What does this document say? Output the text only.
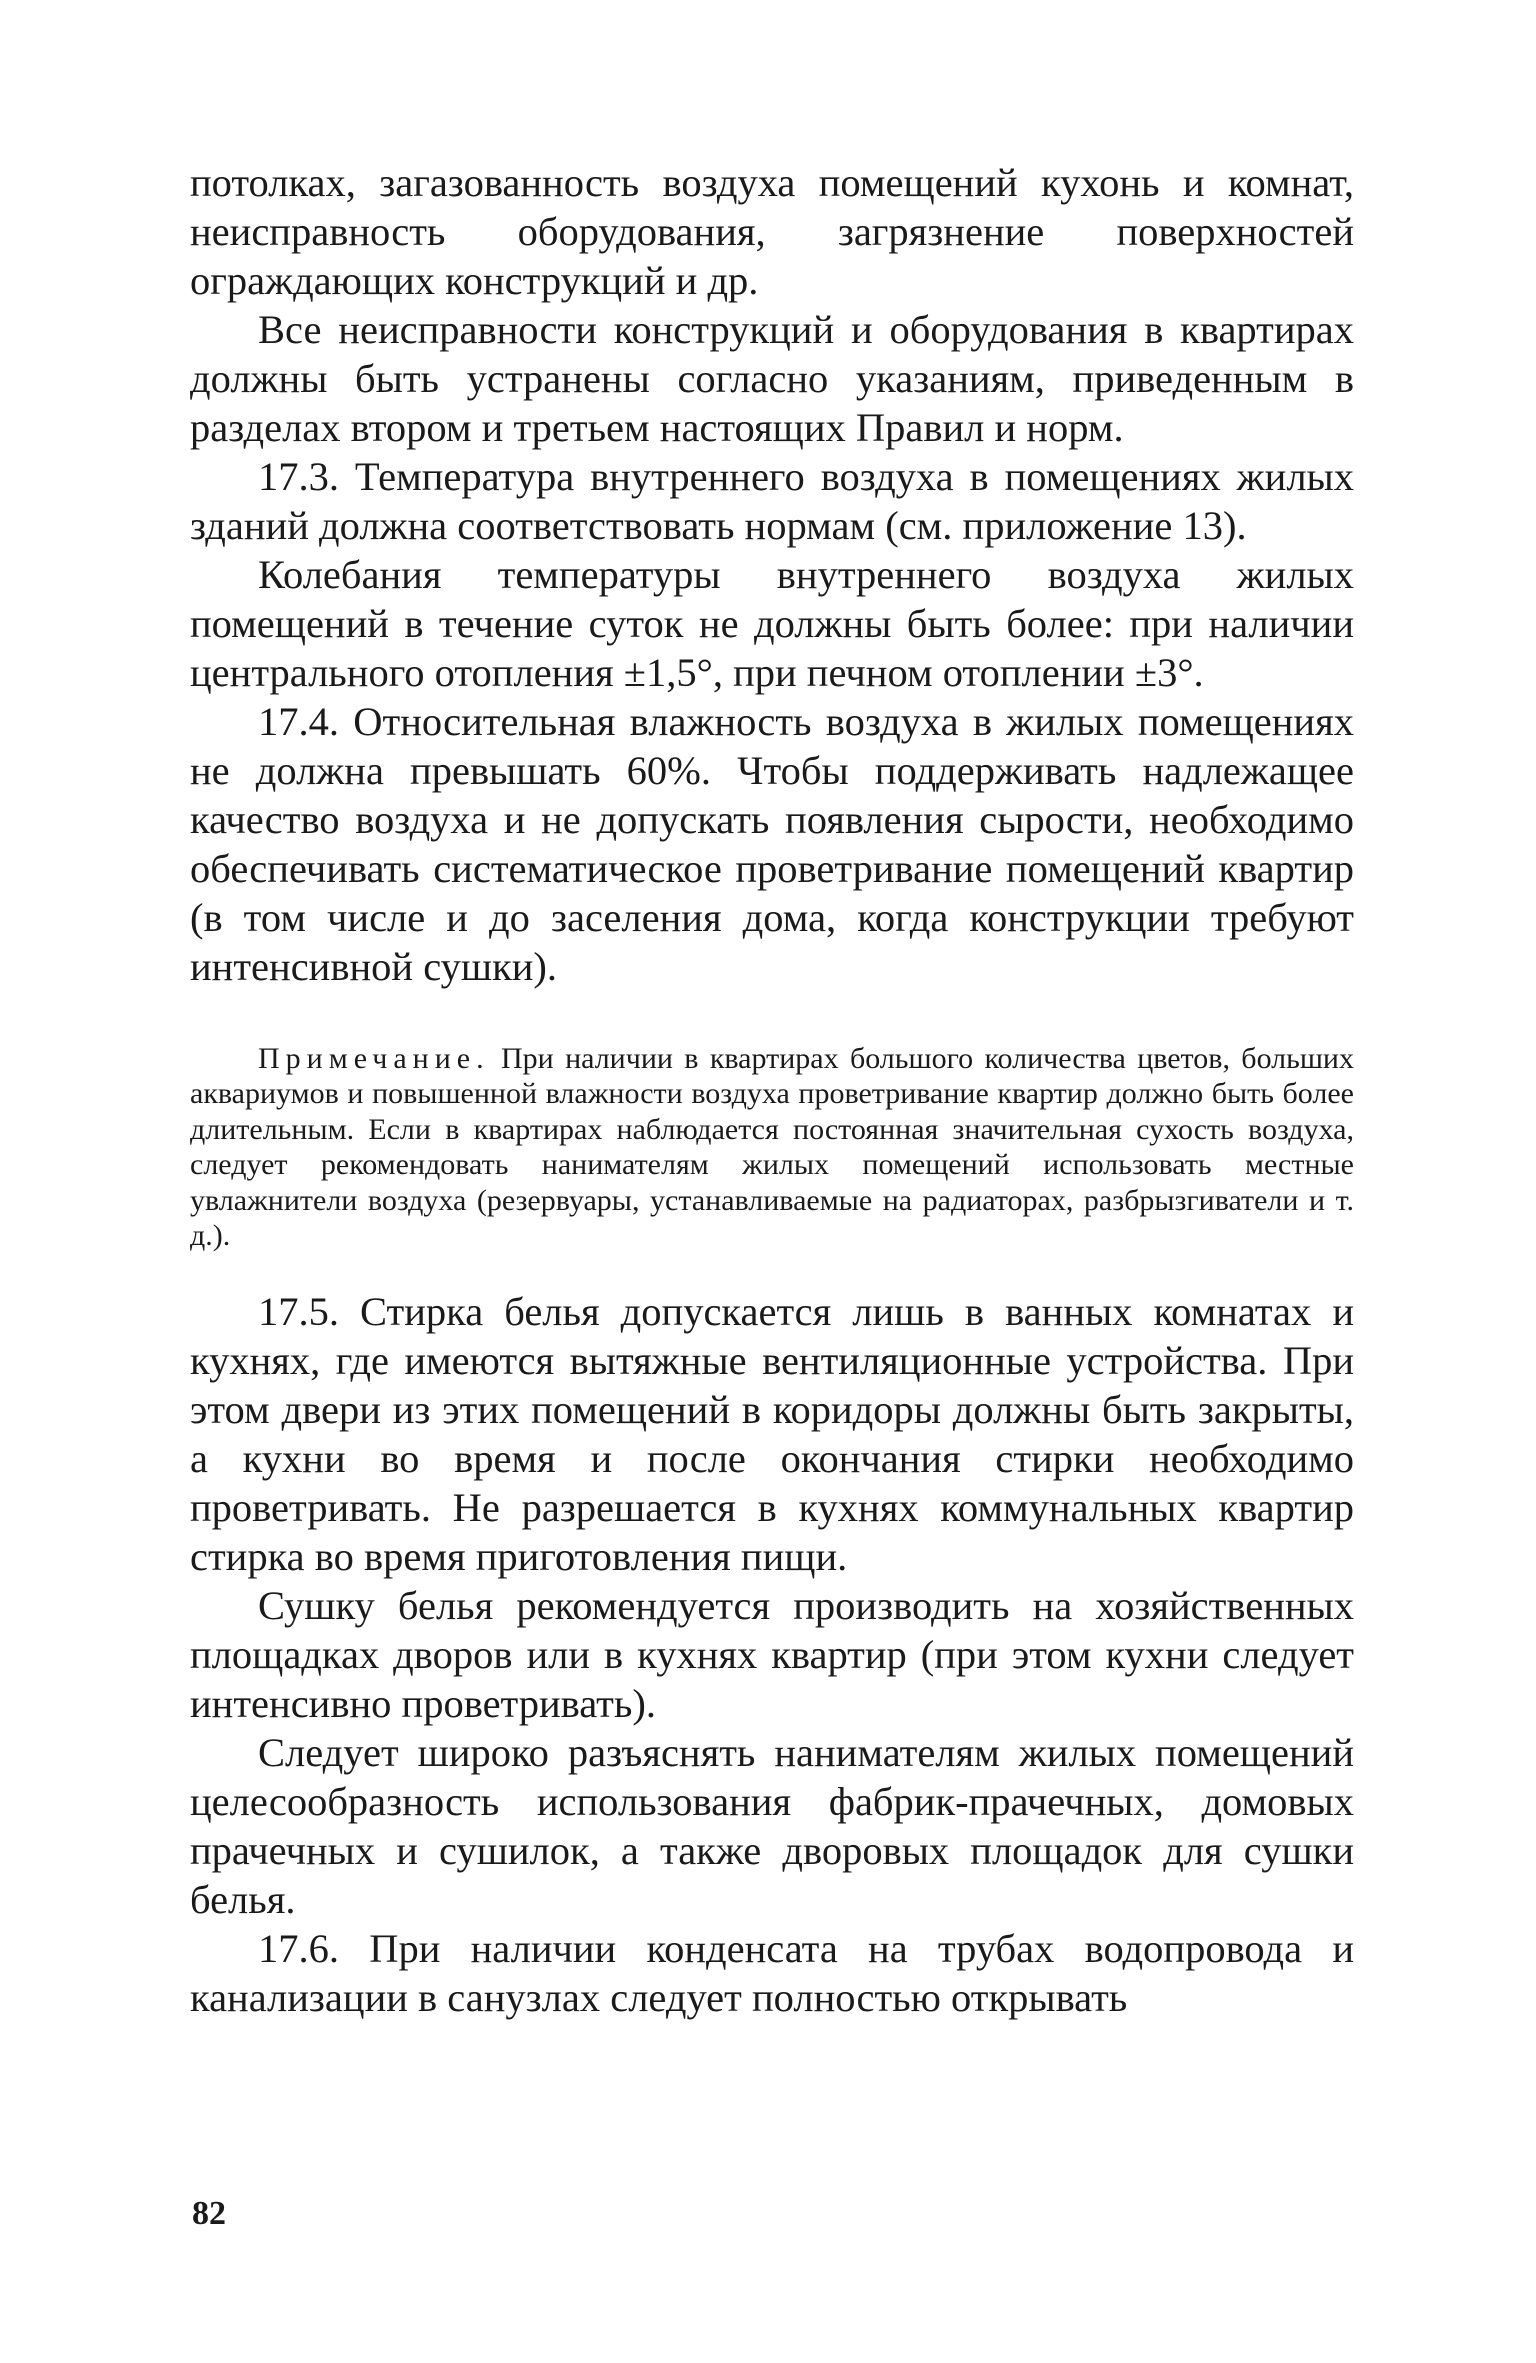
потолках, загазованность воздуха помещений кухонь и комнат, неисправность оборудования, загрязнение поверхностей ограждающих конструкций и др.

Все неисправности конструкций и оборудования в квартирах должны быть устранены согласно указаниям, приведенным в разделах втором и третьем настоящих Правил и норм.

17.3. Температура внутреннего воздуха в помещениях жилых зданий должна соответствовать нормам (см. приложение 13).

Колебания температуры внутреннего воздуха жилых помещений в течение суток не должны быть более: при наличии центрального отопления ±1,5°, при печном отоплении ±3°.

17.4. Относительная влажность воздуха в жилых помещениях не должна превышать 60%. Чтобы поддерживать надлежащее качество воздуха и не допускать появления сырости, необходимо обеспечивать систематическое проветривание помещений квартир (в том числе и до заселения дома, когда конструкции требуют интенсивной сушки).

Примечание. При наличии в квартирах большого количества цветов, больших аквариумов и повышенной влажности воздуха проветривание квартир должно быть более длительным. Если в квартирах наблюдается постоянная значительная сухость воздуха, следует рекомендовать нанимателям жилых помещений использовать местные увлажнители воздуха (резервуары, устанавливаемые на радиаторах, разбрызгиватели и т. д.).

17.5. Стирка белья допускается лишь в ванных комнатах и кухнях, где имеются вытяжные вентиляционные устройства. При этом двери из этих помещений в коридоры должны быть закрыты, а кухни во время и после окончания стирки необходимо проветривать. Не разрешается в кухнях коммунальных квартир стирка во время приготовления пищи.

Сушку белья рекомендуется производить на хозяйственных площадках дворов или в кухнях квартир (при этом кухни следует интенсивно проветривать).

Следует широко разъяснять нанимателям жилых помещений целесообразность использования фабрик-прачечных, домовых прачечных и сушилок, а также дворовых площадок для сушки белья.

17.6. При наличии конденсата на трубах водопровода и канализации в санузлах следует полностью открывать

82
